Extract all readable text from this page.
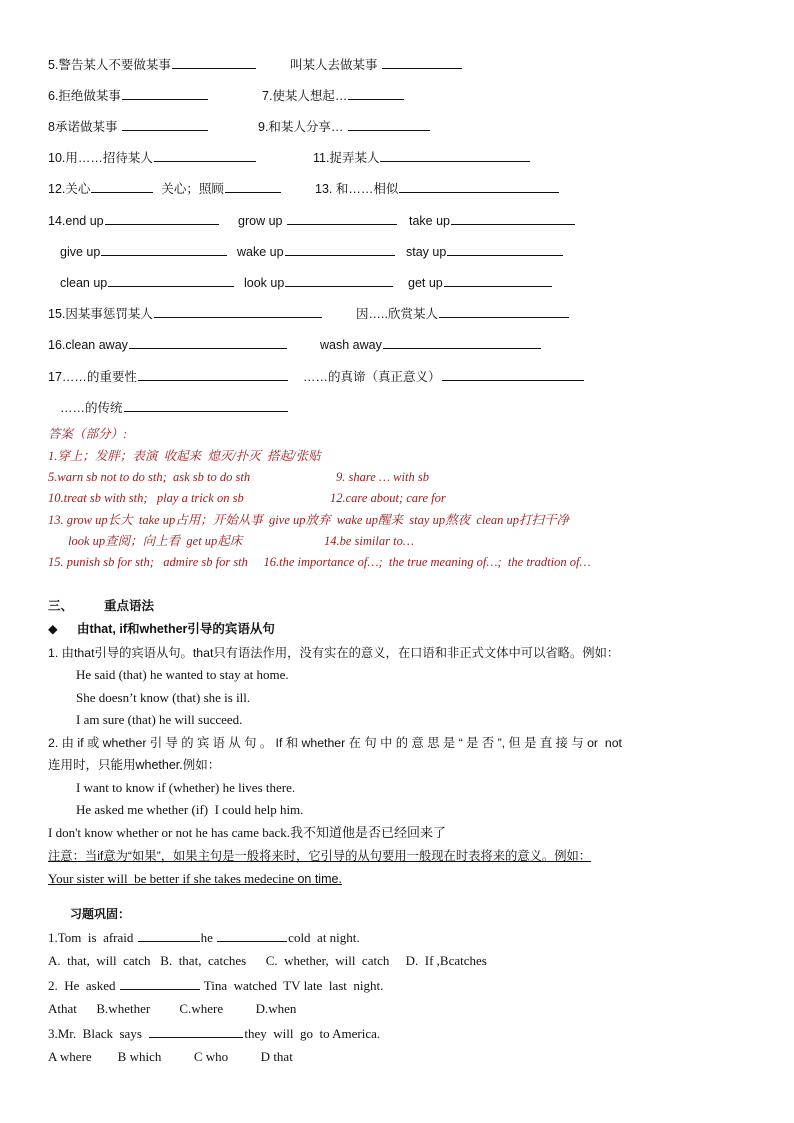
5.警告某人不要做某事	叫某人去做某事
6.拒绝做某事	7.使某人想起…
8承诺做某事	9.和某人分享…
10.用……招待某人	11.捉弄某人
12.关心	关心；照顾	13. 和……相似
14.end up	grow up	take up
give up	wake up	stay up
clean up	look up	get up
15.因某事惩罚某人	因…..欣赏某人
16.clean away	wash away
17……的重要性	……的真谛（真正意义）
……的传统
答案（部分）:
1.穿上；发胖；表演  收起来  熄灭/扑灭  搭起/张贴
5.warn sb not to do sth;  ask sb to do sth	9. share … with sb
10.treat sb with sth;   play a trick on sb	12.care about; care for
13. grow up长大  take up占用；开始从事  give up放弃  wake up醒来  stay up熬夜  clean up打扫干净
look up查阅；向上看  get up起床	14.be similar to…
15. punish sb for sth;   admire sb for sth     16.the importance of…;  the true meaning of…;  the tradtion of…
三、 重点语法
◆ 由that, if和whether引导的宾语从句
1. 由that引导的宾语从句。that只有语法作用，没有实在的意义，在口语和非正式文体中可以省略。例如：
He said (that) he wanted to stay at home.
She doesn’t know (that) she is ill.
I am sure (that) he will succeed.
2. 由 if 或 whether 引 导 的 宾 语 从 句 。 If 和 whether 在 句 中 的 意 思 是 “ 是 否 ”, 但 是 直 接 与 or  not
连用时，只能用whether.例如：
I want to know if (whether) he lives there.
He asked me whether (if)  I could help him.
I don't know whether or not he has came back.我不知道他是否已经回来了
注意：当if意为“如果”，如果主句是一般将来时，它引导的从句要用一般现在时表将来的意义。例如：
Your sister will  be better if she takes medecine on time.
习题巩固：
1.Tom  is  afraid	he	cold  at night.
A.  that,  will  catch   B.  that,  catches      C.  whether,  will  catch     D.  If ,Bcatches
2.  He  asked	Tina  watched  TV late  last  night.
Athat      B.whether         C.where          D.when
3.Mr.  Black  says	they  will  go  to America.
A where        B which          C who          D that
